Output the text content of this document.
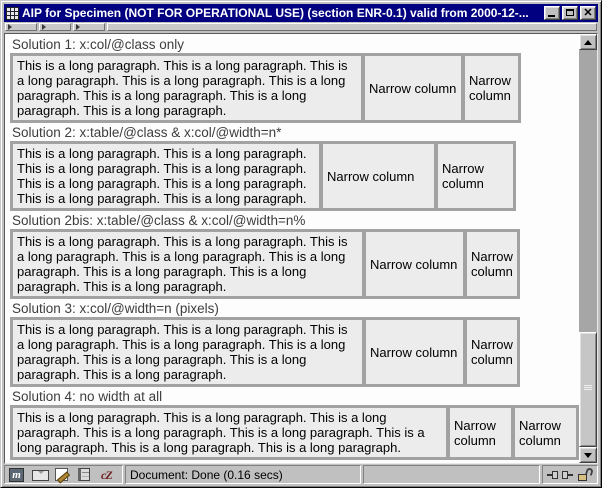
AIP for Specimen (NOT FOR OPERATIONAL USE) (section ENR-0.1) valid from 2000-12-...	✕
Solution 1: x:col/@class only
This is a long paragraph. This is a long paragraph. This is a long paragraph. This is a long paragraph. This is a long paragraph. This is a long paragraph. This is a long paragraph. This is a long paragraph.	Narrow column	Narrow column
Solution 2: x:table/@class & x:col/@width=n*
This is a long paragraph. This is a long paragraph. This is a long paragraph. This is a long paragraph. This is a long paragraph. This is a long paragraph. This is a long paragraph. This is a long paragraph.	Narrow column	Narrow column
Solution 2bis: x:table/@class & x:col/@width=n%
This is a long paragraph. This is a long paragraph. This is a long paragraph. This is a long paragraph. This is a long paragraph. This is a long paragraph. This is a long paragraph. This is a long paragraph.	Narrow column	Narrow column
Solution 3: x:col/@width=n (pixels)
This is a long paragraph. This is a long paragraph. This is a long paragraph. This is a long paragraph. This is a long paragraph. This is a long paragraph. This is a long paragraph. This is a long paragraph.	Narrow column	Narrow column
Solution 4: no width at all
This is a long paragraph. This is a long paragraph. This is a long paragraph. This is a long paragraph. This is a long paragraph. This is a long paragraph. This is a long paragraph. This is a long paragraph.	Narrow column	Narrow column
m	cZ	Document: Done (0.16 secs)
